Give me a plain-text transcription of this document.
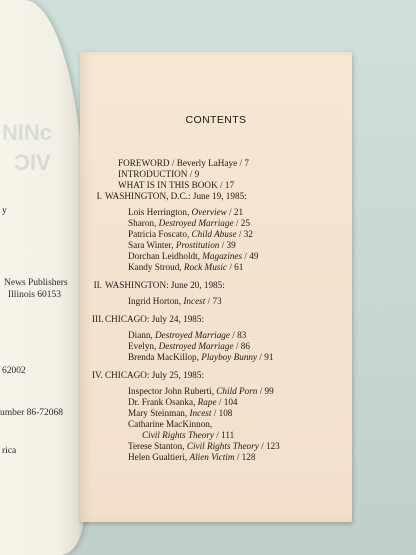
ɔИIИ
VIC
y
News Publishers
Illinois 60153
62002
umber 86-72068
rica
CONTENTS
FOREWORD / Beverly LaHaye / 7
INTRODUCTION / 9
WHAT IS IN THIS BOOK / 17
I. WASHINGTON, D.C.: June 19, 1985:
Lois Herrington, Overview / 21
Sharon, Destroyed Marriage / 25
Patricia Foscato, Child Abuse / 32
Sara Winter, Prostitution / 39
Dorchan Leidholdt, Magazines / 49
Kandy Stroud, Rock Music / 61
II. WASHINGTON: June 20, 1985:
Ingrid Horton, Incest / 73
III. CHICAGO: July 24, 1985:
Diann, Destroyed Marriage / 83
Evelyn, Destroyed Marriage / 86
Brenda MacKillop, Playboy Bunny / 91
IV. CHICAGO: July 25, 1985:
Inspector John Ruberti, Child Porn / 99
Dr. Frank Osanka, Rape / 104
Mary Steinman, Incest / 108
Catharine MacKinnon,
Civil Rights Theory / 111
Terese Stanton, Civil Rights Theory / 123
Helen Gualtieri, Alien Victim / 128
